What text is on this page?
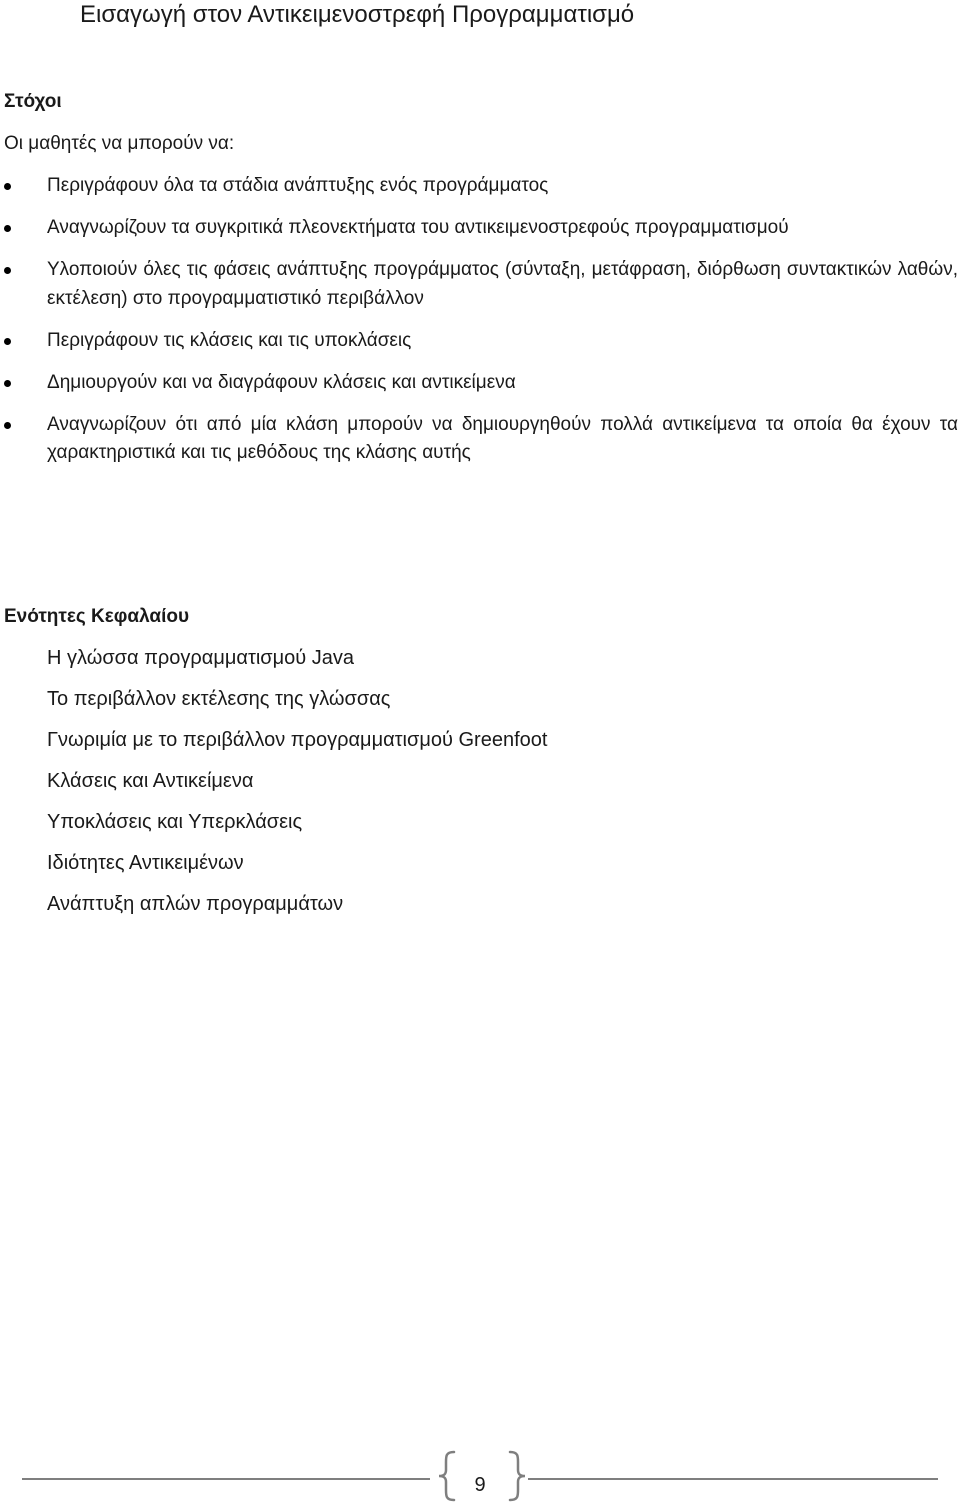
Εισαγωγή στον Αντικειμενοστρεφή Προγραμματισμό
Στόχοι

Οι μαθητές να μπορούν να:

Περιγράφουν όλα τα στάδια ανάπτυξης ενός προγράμματος
Αναγνωρίζουν τα συγκριτικά πλεονεκτήματα του αντικειμενοστρεφούς προγραμματισμού
Υλοποιούν όλες τις φάσεις ανάπτυξης προγράμματος (σύνταξη, μετάφραση, διόρθωση συντακτικών λαθών, εκτέλεση) στο προγραμματιστικό περιβάλλον
Περιγράφουν τις κλάσεις και τις υποκλάσεις
Δημιουργούν και να διαγράφουν κλάσεις και αντικείμενα
Αναγνωρίζουν ότι από μία κλάση μπορούν να δημιουργηθούν πολλά αντικείμενα τα οποία θα έχουν τα χαρακτηριστικά και τις μεθόδους της κλάσης αυτής
Ενότητες Κεφαλαίου
Η γλώσσα προγραμματισμού Java
Το περιβάλλον εκτέλεσης της γλώσσας
Γνωριμία με το περιβάλλον προγραμματισμού Greenfoot
Κλάσεις και Αντικείμενα
Υποκλάσεις και Υπερκλάσεις
Ιδιότητες Αντικειμένων
Ανάπτυξη απλών προγραμμάτων
9
